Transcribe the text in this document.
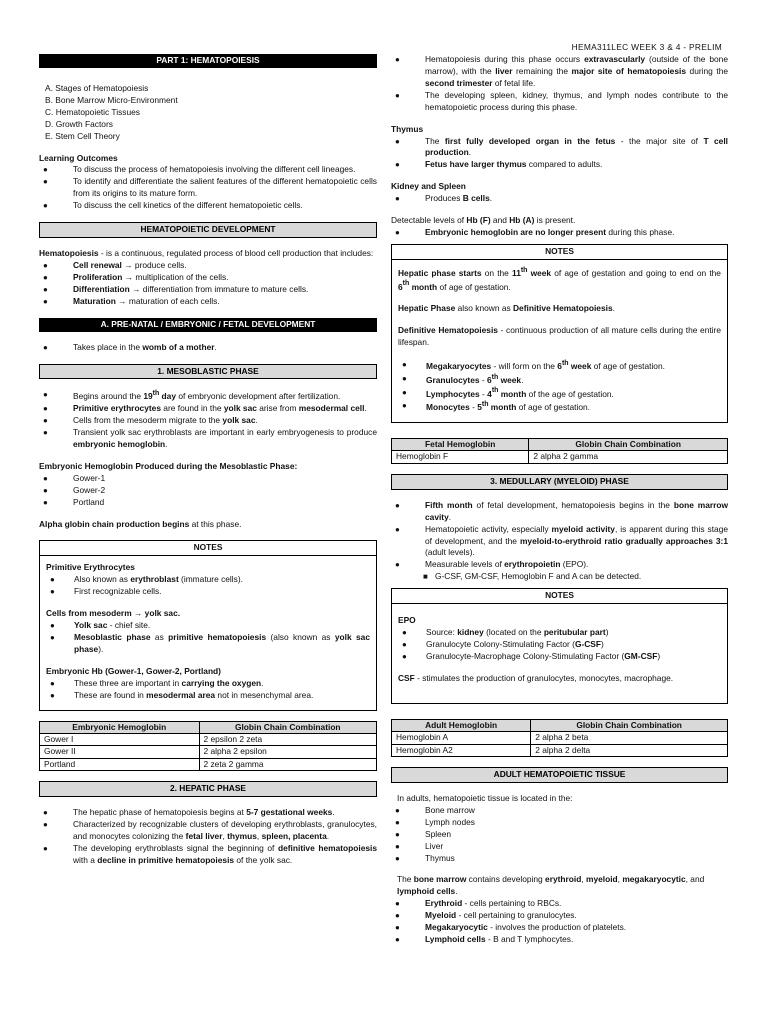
HEMA311LEC WEEK 3 & 4 - PRELIM
PART 1: HEMATOPOIESIS

A. Stages of Hematopoiesis

B. Bone Marrow Micro-Environment

C. Hematopoietic Tissues

D. Growth Factors

E. Stem Cell Theory

Learning Outcomes

● To discuss the process of hematopoiesis involving the different cell lineages.
● To identify and differentiate the salient features of the different hematopoietic cells from its origins to its mature form.
● To discuss the cell kinetics of the different hematopoietic cells.
HEMATOPOIETIC DEVELOPMENT

Hematopoiesis - is a continuous, regulated process of blood cell production that includes:

● Cell renewal → produce cells.
● Proliferation → multiplication of the cells.
● Differentiation → differentiation from immature to mature cells.
● Maturation → maturation of each cells.
A. PRE-NATAL / EMBRYONIC / FETAL DEVELOPMENT
● Takes place in the womb of a mother.
1. MESOBLASTIC PHASE
● Begins around the 19th day of embryonic development after fertilization.
● Primitive erythrocytes are found in the yolk sac arise from mesodermal cell.
● Cells from the mesoderm migrate to the yolk sac.
● Transient yolk sac erythroblasts are important in early embryogenesis to produce embryonic hemoglobin.

Embryonic Hemoglobin Produced during the Mesoblastic Phase:

● Gower-1
● Gower-2
● Portland

Alpha globin chain production begins at this phase.

NOTES

Primitive Erythrocytes

● Also known as erythroblast (immature cells).
● First recognizable cells.

Cells from mesoderm → yolk sac.

● Yolk sac - chief site.
● Mesoblastic phase as primitive hematopoiesis (also known as yolk sac phase).

Embryonic Hb (Gower-1, Gower-2, Portland)

● These three are important in carrying the oxygen.
● These are found in mesodermal area not in mesenchymal area.
Embryonic Hemoglobin	Globin Chain Combination
Gower I	2 epsilon 2 zeta
Gower II	2 alpha 2 epsilon
Portland	2 zeta 2 gamma
2. HEPATIC PHASE
● The hepatic phase of hematopoiesis begins at 5-7 gestational weeks.
● Characterized by recognizable clusters of developing erythroblasts, granulocytes, and monocytes colonizing the fetal liver, thymus, spleen, placenta.
● The developing erythroblasts signal the beginning of definitive hematopoiesis with a decline in primitive hematopoiesis of the yolk sac.
● Hematopoiesis during this phase occurs extravascularly (outside of the bone marrow), with the liver remaining the major site of hematopoiesis during the second trimester of fetal life.
● The developing spleen, kidney, thymus, and lymph nodes contribute to the hematopoietic process during this phase.

Thymus

● The first fully developed organ in the fetus - the major site of T cell production.
● Fetus have larger thymus compared to adults.

Kidney and Spleen

● Produces B cells.

Detectable levels of Hb (F) and Hb (A) is present.

● Embryonic hemoglobin are no longer present during this phase.
NOTES

Hepatic phase starts on the 11th week of age of gestation and going to end on the 6th month of age of gestation.

Hepatic Phase also known as Definitive Hematopoiesis.

Definitive Hematopoiesis - continuous production of all mature cells during the entire lifespan.

● Megakaryocytes - will form on the 6th week of age of gestation.
● Granulocytes - 6th week.
● Lymphocytes - 4th month of the age of gestation.
● Monocytes - 5th month of age of gestation.
Fetal Hemoglobin	Globin Chain Combination
Hemoglobin F	2 alpha 2 gamma
3. MEDULLARY (MYELOID) PHASE
● Fifth month of fetal development, hematopoiesis begins in the bone marrow cavity.
● Hematopoietic activity, especially myeloid activity, is apparent during this stage of development, and the myeloid-to-erythroid ratio gradually approaches 3:1 (adult levels).
● Measurable levels of erythropoietin (EPO).
■ G-CSF, GM-CSF, Hemoglobin F and A can be detected.
NOTES

EPO

● Source: kidney (located on the peritubular part)
● Granulocyte Colony-Stimulating Factor (G-CSF)
● Granulocyte-Macrophage Colony-Stimulating Factor (GM-CSF)

CSF - stimulates the production of granulocytes, monocytes, macrophage.

Adult Hemoglobin	Globin Chain Combination
Hemoglobin A	2 alpha 2 beta
Hemoglobin A2	2 alpha 2 delta
ADULT HEMATOPOIETIC TISSUE

In adults, hematopoietic tissue is located in the:

● Bone marrow
● Lymph nodes
● Spleen
● Liver
● Thymus

The bone marrow contains developing erythroid, myeloid, megakaryocytic, and lymphoid cells.

● Erythroid - cells pertaining to RBCs.
● Myeloid - cell pertaining to granulocytes.
● Megakaryocytic - involves the production of platelets.
● Lymphoid cells - B and T lymphocytes.
